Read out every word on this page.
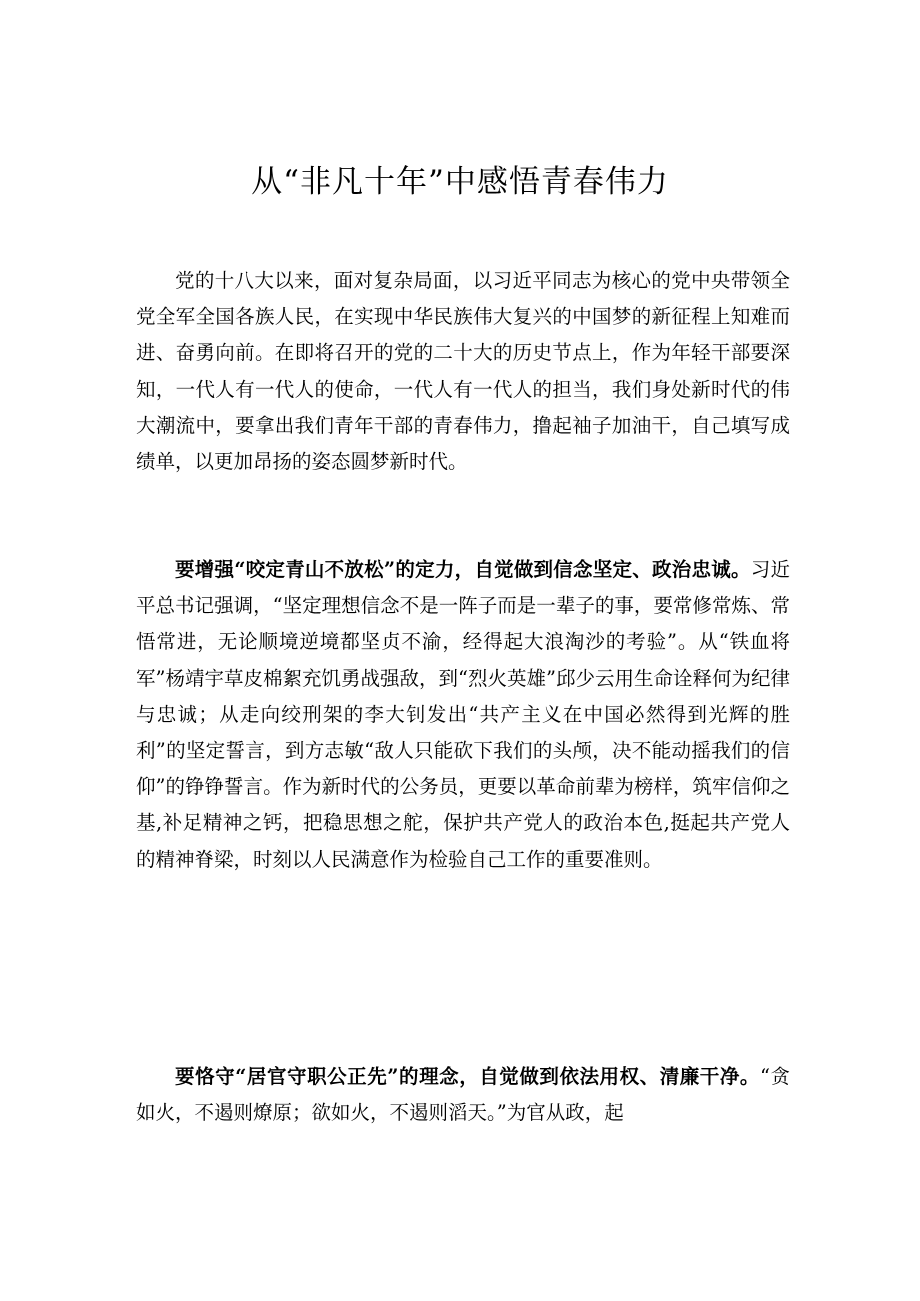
从“非凡十年”中感悟青春伟力

党的十八大以来，面对复杂局面，以习近平同志为核心的党中央带领全党全军全国各族人民，在实现中华民族伟大复兴的中国梦的新征程上知难而进、奋勇向前。在即将召开的党的二十大的历史节点上，作为年轻干部要深知，一代人有一代人的使命，一代人有一代人的担当，我们身处新时代的伟大潮流中，要拿出我们青年干部的青春伟力，撸起袖子加油干，自己填写成绩单，以更加昂扬的姿态圆梦新时代。

要增强“咬定青山不放松”的定力，自觉做到信念坚定、政治忠诚。习近平总书记强调，“坚定理想信念不是一阵子而是一辈子的事，要常修常炼、常悟常进，无论顺境逆境都坚贞不渝，经得起大浪淘沙的考验”。从“铁血将军”杨靖宇草皮棉絮充饥勇战强敌，到“烈火英雄”邱少云用生命诠释何为纪律与忠诚；从走向绞刑架的李大钊发出“共产主义在中国必然得到光辉的胜利”的坚定誓言，到方志敏“敌人只能砍下我们的头颅，决不能动摇我们的信仰”的铮铮誓言。作为新时代的公务员，更要以革命前辈为榜样，筑牢信仰之基,补足精神之钙，把稳思想之舵，保护共产党人的政治本色,挺起共产党人的精神脊梁，时刻以人民满意作为检验自己工作的重要准则。

要恪守“居官守职公正先”的理念，自觉做到依法用权、清廉干净。“贪如火，不遏则燎原；欲如火，不遏则滔天。”为官从政，起
